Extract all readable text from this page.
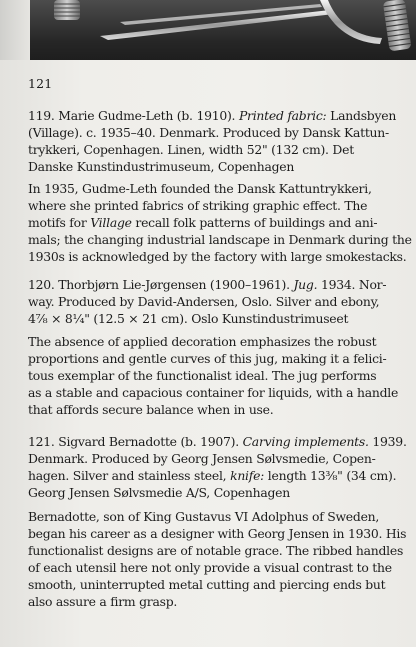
121
119. Marie Gudme-Leth (b. 1910). Printed fabric: Landsbyen
(Village). c. 1935–40. Denmark. Produced by Dansk Kattun-
trykkeri, Copenhagen. Linen, width 52" (132 cm). Det
Danske Kunstindustrimuseum, Copenhagen
In 1935, Gudme-Leth founded the Dansk Kattuntrykkeri,
where she printed fabrics of striking graphic effect. The
motifs for Village recall folk patterns of buildings and ani-
mals; the changing industrial landscape in Denmark during the
1930s is acknowledged by the factory with large smokestacks.
120. Thorbjørn Lie-Jørgensen (1900–1961). Jug. 1934. Nor-
way. Produced by David-Andersen, Oslo. Silver and ebony,
4⅞ × 8¼" (12.5 × 21 cm). Oslo Kunstindustrimuseet
The absence of applied decoration emphasizes the robust
proportions and gentle curves of this jug, making it a felici-
tous exemplar of the functionalist ideal. The jug performs
as a stable and capacious container for liquids, with a handle
that affords secure balance when in use.
121. Sigvard Bernadotte (b. 1907). Carving implements. 1939.
Denmark. Produced by Georg Jensen Sølvsmedie, Copen-
hagen. Silver and stainless steel, knife: length 13⅜" (34 cm).
Georg Jensen Sølvsmedie A/S, Copenhagen
Bernadotte, son of King Gustavus VI Adolphus of Sweden,
began his career as a designer with Georg Jensen in 1930. His
functionalist designs are of notable grace. The ribbed handles
of each utensil here not only provide a visual contrast to the
smooth, uninterrupted metal cutting and piercing ends but
also assure a firm grasp.
